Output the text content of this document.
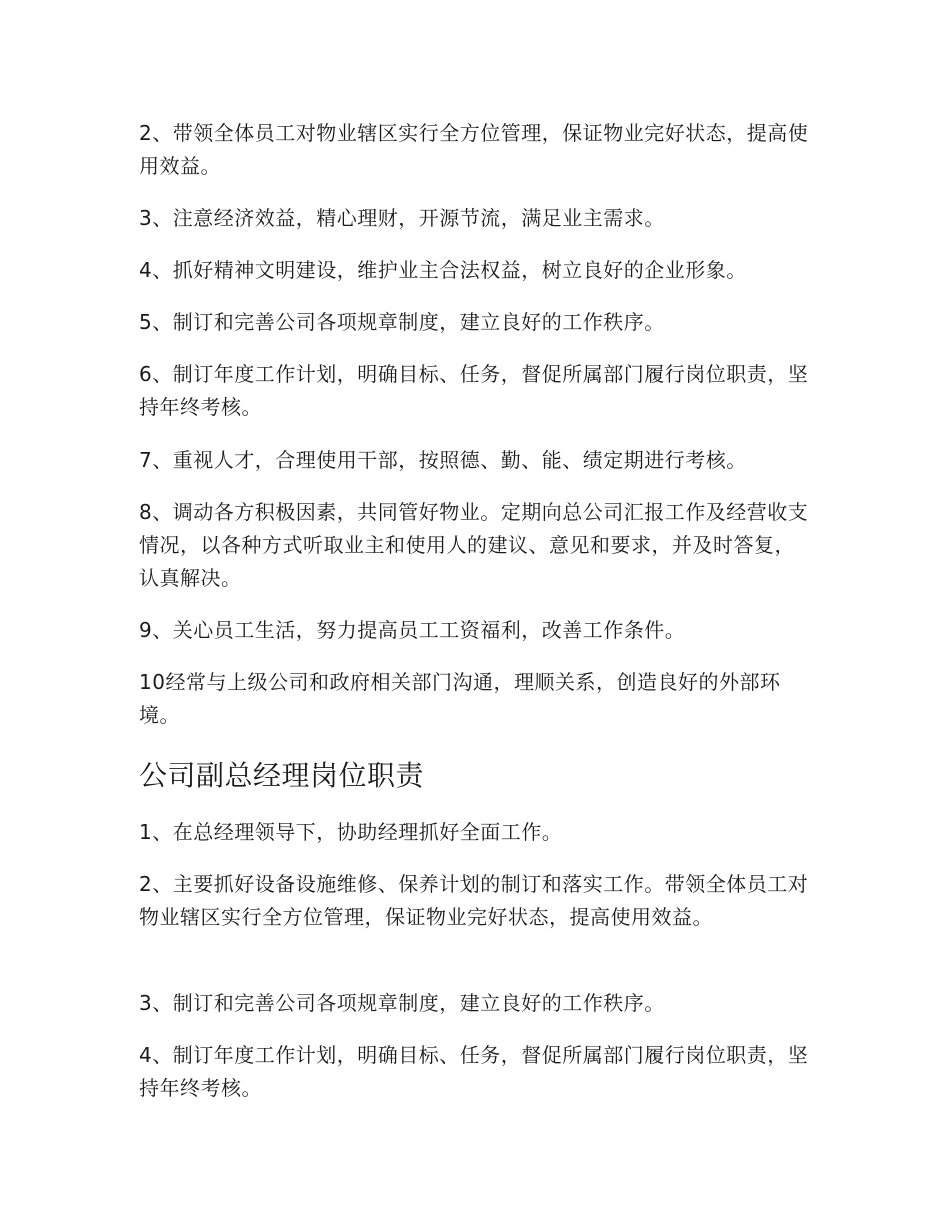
2、带领全体员工对物业辖区实行全方位管理，保证物业完好状态，提高使用效益。

3、注意经济效益，精心理财，开源节流，满足业主需求。

4、抓好精神文明建设，维护业主合法权益，树立良好的企业形象。

5、制订和完善公司各项规章制度，建立良好的工作秩序。

6、制订年度工作计划，明确目标、任务，督促所属部门履行岗位职责，坚持年终考核。

7、重视人才，合理使用干部，按照德、勤、能、绩定期进行考核。

8、调动各方积极因素，共同管好物业。定期向总公司汇报工作及经营收支情况，以各种方式听取业主和使用人的建议、意见和要求，并及时答复，认真解决。

9、关心员工生活，努力提高员工工资福利，改善工作条件。

10经常与上级公司和政府相关部门沟通，理顺关系，创造良好的外部环境。

公司副总经理岗位职责

1、在总经理领导下，协助经理抓好全面工作。

2、主要抓好设备设施维修、保养计划的制订和落实工作。带领全体员工对物业辖区实行全方位管理，保证物业完好状态，提高使用效益。

3、制订和完善公司各项规章制度，建立良好的工作秩序。

4、制订年度工作计划，明确目标、任务，督促所属部门履行岗位职责，坚持年终考核。
